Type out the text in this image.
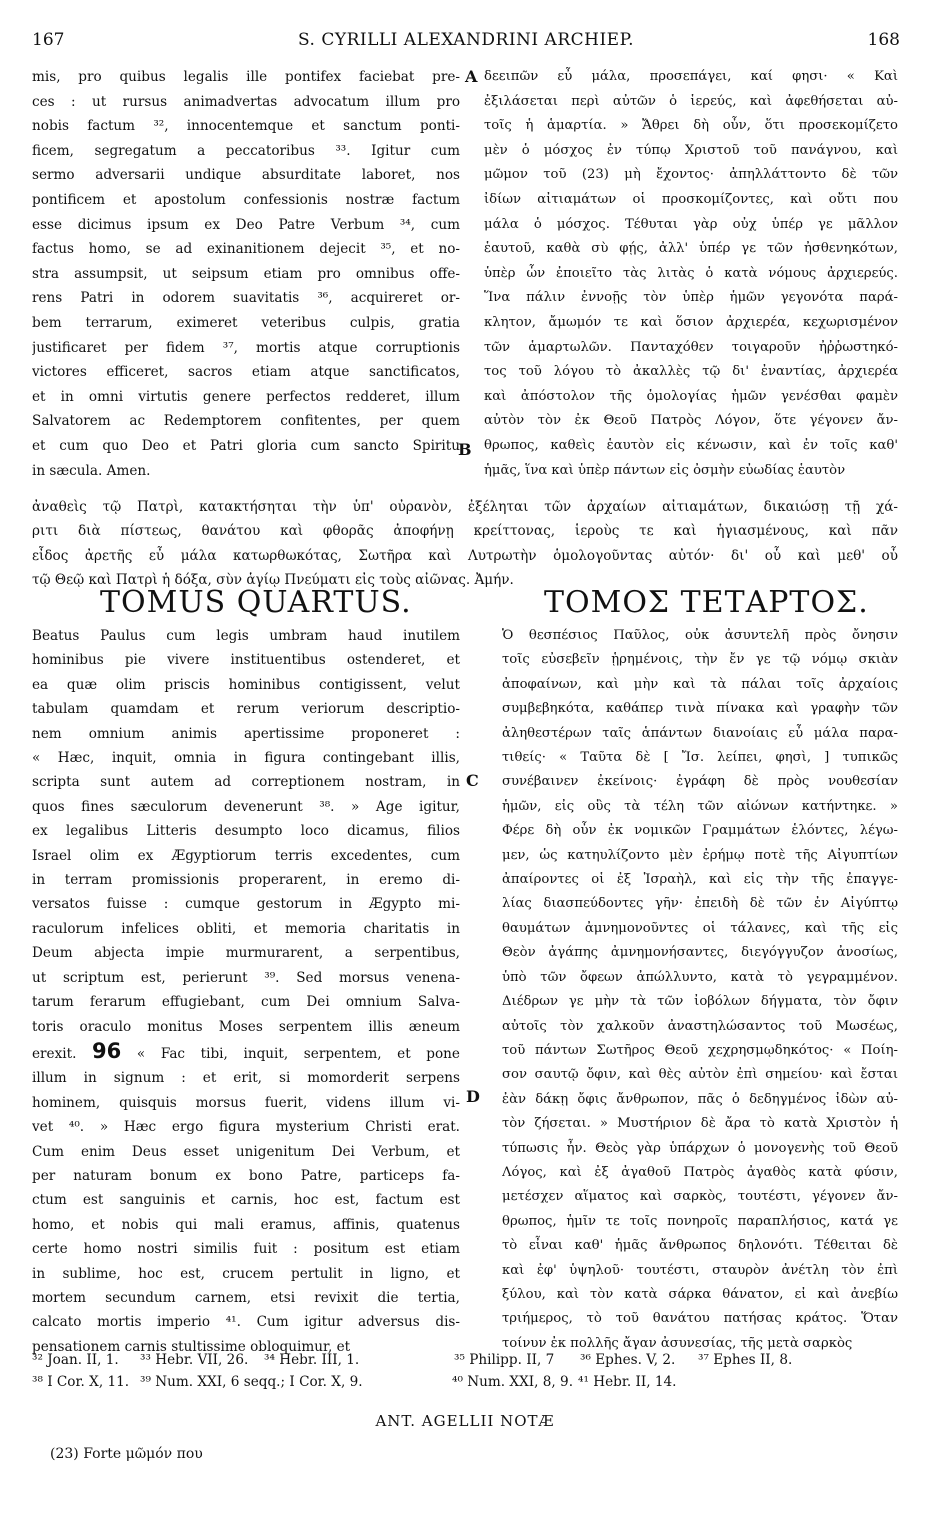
167	S. CYRILLI ALEXANDRINI ARCHIEP.	168
mis, pro quibus legalis ille pontifex faciebat pre-
ces : ut rursus animadvertas advocatum illum pro
nobis factum ³², innocentemque et sanctum ponti-
ficem, segregatum a peccatoribus ³³. Igitur cum
sermo adversarii undique absurditate laboret, nos
pontificem et apostolum confessionis nostræ factum
esse dicimus ipsum ex Deo Patre Verbum ³⁴, cum
factus homo, se ad exinanitionem dejecit ³⁵, et no-
stra assumpsit, ut seipsum etiam pro omnibus offe-
rens Patri in odorem suavitatis ³⁶, acquireret or-
bem terrarum, eximeret veteribus culpis, gratia
justificaret per fidem ³⁷, mortis atque corruptionis
victores efficeret, sacros etiam atque sanctificatos,
et in omni virtutis genere perfectos redderet, illum
Salvatorem ac Redemptorem confitentes, per quem
et cum quo Deo et Patri gloria cum sancto Spiritu
in sæcula. Amen.
δεειπῶν εὖ μάλα, προσεπάγει, καί φησι· « Καὶ
ἐξιλάσεται περὶ αὐτῶν ὁ ἱερεύς, καὶ ἀφεθήσεται αὐ-
τοῖς ἡ ἁμαρτία. » Ἄθρει δὴ οὖν, ὅτι προσεκομίζετο
μὲν ὁ μόσχος ἐν τύπῳ Χριστοῦ τοῦ πανάγνου, καὶ
μῶμον τοῦ (23) μὴ ἔχοντος· ἀπηλλάττοντο δὲ τῶν
ἰδίων αἰτιαμάτων οἱ προσκομίζοντες, καὶ οὔτι που
μάλα ὁ μόσχος. Τέθυται γὰρ οὐχ ὑπέρ γε μᾶλλον
ἑαυτοῦ, καθὰ σὺ φῄς, ἀλλ' ὑπέρ γε τῶν ἠσθενηκότων,
ὑπὲρ ὧν ἐποιεῖτο τὰς λιτὰς ὁ κατὰ νόμους ἀρχιερεύς.
Ἵνα πάλιν ἐννοῇς τὸν ὑπὲρ ἡμῶν γεγονότα παρά-
κλητον, ἄμωμόν τε καὶ ὅσιον ἀρχιερέα, κεχωρισμένον
τῶν ἁμαρτωλῶν. Πανταχόθεν τοιγαροῦν ἠῤῥωστηκό-
τος τοῦ λόγου τὸ ἀκαλλὲς τῷ δι' ἐναντίας, ἀρχιερέα
καὶ ἀπόστολον τῆς ὁμολογίας ἡμῶν γενέσθαι φαμὲν
αὐτὸν τὸν ἐκ Θεοῦ Πατρὸς Λόγον, ὅτε γέγονεν ἄν-
θρωπος, καθεὶς ἑαυτὸν εἰς κένωσιν, καὶ ἐν τοῖς καθ'
ἡμᾶς, ἵνα καὶ ὑπὲρ πάντων εἰς ὀσμὴν εὐωδίας ἑαυτὸν
A
B
C
D
ἀναθεὶς τῷ Πατρὶ, κατακτήσηται τὴν ὑπ' οὐρανὸν, ἐξέληται τῶν ἀρχαίων αἰτιαμάτων, δικαιώσῃ τῇ χά-
ριτι διὰ πίστεως, θανάτου καὶ φθορᾶς ἀποφήνῃ κρείττονας, ἱεροὺς τε καὶ ἡγιασμένους, καὶ πᾶν
εἶδος ἀρετῆς εὖ μάλα κατωρθωκότας, Σωτῆρα καὶ Λυτρωτὴν ὁμολογοῦντας αὐτόν· δι' οὗ καὶ μεθ' οὗ
τῷ Θεῷ καὶ Πατρὶ ἡ δόξα, σὺν ἁγίῳ Πνεύματι εἰς τοὺς αἰῶνας. Ἀμήν.
TOMUS QUARTUS.	ΤΟΜΟΣ ΤΕΤΑΡΤΟΣ.
Beatus Paulus cum legis umbram haud inutilem
hominibus pie vivere instituentibus ostenderet, et
ea quæ olim priscis hominibus contigissent, velut
tabulam quamdam et rerum veriorum descriptio-
nem omnium animis apertissime proponeret :
« Hæc, inquit, omnia in figura contingebant illis,
scripta sunt autem ad correptionem nostram, in
quos fines sæculorum devenerunt ³⁸. » Age igitur,
ex legalibus Litteris desumpto loco dicamus, filios
Israel olim ex Ægyptiorum terris excedentes, cum
in terram promissionis properarent, in eremo di-
versatos fuisse : cumque gestorum in Ægypto mi-
raculorum infelices obliti, et memoria charitatis in
Deum abjecta impie murmurarent, a serpentibus,
ut scriptum est, perierunt ³⁹. Sed morsus venena-
tarum ferarum effugiebant, cum Dei omnium Salva-
toris oraculo monitus Moses serpentem illis æneum
erexit. 96 « Fac tibi, inquit, serpentem, et pone
illum in signum : et erit, si momorderit serpens
hominem, quisquis morsus fuerit, videns illum vi-
vet ⁴⁰. » Hæc ergo figura mysterium Christi erat.
Cum enim Deus esset unigenitum Dei Verbum, et
per naturam bonum ex bono Patre, particeps fa-
ctum est sanguinis et carnis, hoc est, factum est
homo, et nobis qui mali eramus, affinis, quatenus
certe homo nostri similis fuit : positum est etiam
in sublime, hoc est, crucem pertulit in ligno, et
mortem secundum carnem, etsi revixit die tertia,
calcato mortis imperio ⁴¹. Cum igitur adversus dis-
pensationem carnis stultissime obloquimur, et
Ὁ θεσπέσιος Παῦλος, οὐκ ἀσυντελῆ πρὸς ὄνησιν
τοῖς εὐσεβεῖν ᾑρημένοις, τὴν ἔν γε τῷ νόμῳ σκιὰν
ἀποφαίνων, καὶ μὴν καὶ τὰ πάλαι τοῖς ἀρχαίοις
συμβεβηκότα, καθάπερ τινὰ πίνακα καὶ γραφὴν τῶν
ἀληθεστέρων ταῖς ἁπάντων διανοίαις εὖ μάλα παρα-
τιθείς· « Ταῦτα δὲ [ Ἴσ. λείπει, φησὶ, ] τυπικῶς
συνέβαινεν ἐκείνοις· ἐγράφη δὲ πρὸς νουθεσίαν
ἡμῶν, εἰς οὓς τὰ τέλη τῶν αἰώνων κατήντηκε. »
Φέρε δὴ οὖν ἐκ νομικῶν Γραμμάτων ἑλόντες, λέγω-
μεν, ὡς κατηυλίζοντο μὲν ἐρήμῳ ποτὲ τῆς Αἰγυπτίων
ἀπαίροντες οἱ ἐξ Ἰσραὴλ, καὶ εἰς τὴν τῆς ἐπαγγε-
λίας διασπεύδοντες γῆν· ἐπειδὴ δὲ τῶν ἐν Αἰγύπτῳ
θαυμάτων ἀμνημονοῦντες οἱ τάλανες, καὶ τῆς εἰς
Θεὸν ἀγάπης ἀμνημονήσαντες, διεγόγγυζον ἀνοσίως,
ὑπὸ τῶν ὄφεων ἀπώλλυντο, κατὰ τὸ γεγραμμένον.
Διέδρων γε μὴν τὰ τῶν ἰοβόλων δήγματα, τὸν ὄφιν
αὐτοῖς τὸν χαλκοῦν ἀναστηλώσαντος τοῦ Μωσέως,
τοῦ πάντων Σωτῆρος Θεοῦ χεχρησμῳδηκότος· « Ποίη-
σον σαυτῷ ὄφιν, καὶ θὲς αὐτὸν ἐπὶ σημείου· καὶ ἔσται
ἐὰν δάκῃ ὄφις ἄνθρωπον, πᾶς ὁ δεδηγμένος ἰδὼν αὐ-
τὸν ζήσεται. » Μυστήριον δὲ ἄρα τὸ κατὰ Χριστὸν ἡ
τύπωσις ἦν. Θεὸς γὰρ ὑπάρχων ὁ μονογενὴς τοῦ Θεοῦ
Λόγος, καὶ ἐξ ἀγαθοῦ Πατρὸς ἀγαθὸς κατὰ φύσιν,
μετέσχεν αἵματος καὶ σαρκὸς, τουτέστι, γέγονεν ἄν-
θρωπος, ἡμῖν τε τοῖς πονηροῖς παραπλήσιος, κατά γε
τὸ εἶναι καθ' ἡμᾶς ἄνθρωπος δηλονότι. Τέθειται δὲ
καὶ ἐφ' ὑψηλοῦ· τουτέστι, σταυρὸν ἀνέτλη τὸν ἐπὶ
ξύλου, καὶ τὸν κατὰ σάρκα θάνατον, εἰ καὶ ἀνεβίω
τριήμερος, τὸ τοῦ θανάτου πατήσας κράτος. Ὅταν
τοίνυν ἐκ πολλῆς ἄγαν ἀσυνεσίας, τῆς μετὰ σαρκὸς
³² Joan. II, 1. ³³ Hebr. VII, 26. ³⁴ Hebr. III, 1.	³⁵ Philipp. II, 7 ³⁶ Ephes. V, 2. ³⁷ Ephes II, 8.
³⁸ I Cor. X, 11. ³⁹ Num. XXI, 6 seqq.; I Cor. X, 9.	⁴⁰ Num. XXI, 8, 9. ⁴¹ Hebr. II, 14.
ANT. AGELLII NOTÆ
(23) Forte μῶμόν που
